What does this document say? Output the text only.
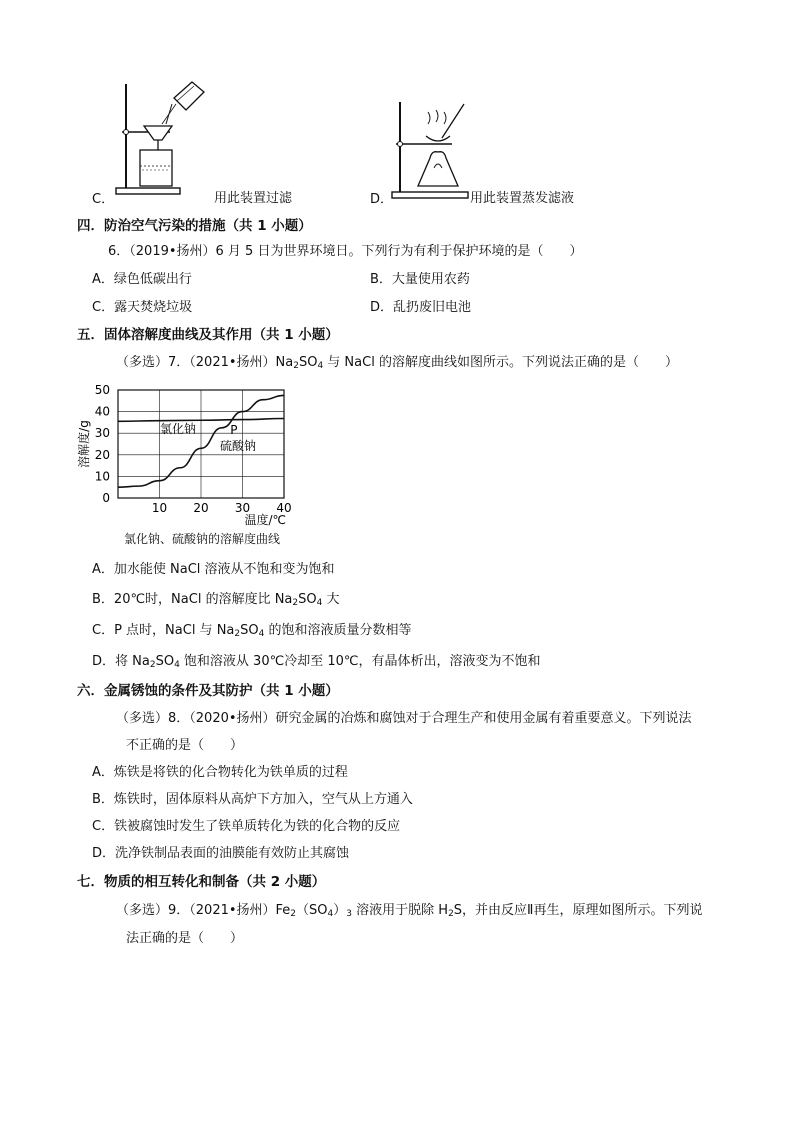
C．	用此装置过滤	D．	用此装置蒸发滤液
四．防治空气污染的措施（共 1 小题）
6．（2019•扬州）6 月 5 日为世界环境日。下列行为有利于保护环境的是（　　）
A．绿色低碳出行	B．大量使用农药
C．露天焚烧垃圾	D．乱扔废旧电池
五．固体溶解度曲线及其作用（共 1 小题）
（多选）7．（2021•扬州）$Na_2SO_4$ 与 NaCl 的溶解度曲线如图所示。下列说法正确的是（　　）
0
10
20
30
40
50
10 20 30 40
溶解度/g
温度/℃
氯化钠
硫酸钠
P
氯化钠、硫酸钠的溶解度曲线
A．加水能使 NaCl 溶液从不饱和变为饱和
B．20℃时，NaCl 的溶解度比 $Na_2SO_4$ 大
C．P 点时，NaCl 与 $Na_2SO_4$ 的饱和溶液质量分数相等
D．将 $Na_2SO_4$ 饱和溶液从 30℃冷却至 10℃，有晶体析出，溶液变为不饱和
六．金属锈蚀的条件及其防护（共 1 小题）
（多选）8．（2020•扬州）研究金属的冶炼和腐蚀对于合理生产和使用金属有着重要意义。下列说法
不正确的是（　　）
A．炼铁是将铁的化合物转化为铁单质的过程
B．炼铁时，固体原料从高炉下方加入，空气从上方通入
C．铁被腐蚀时发生了铁单质转化为铁的化合物的反应
D．洗净铁制品表面的油膜能有效防止其腐蚀
七．物质的相互转化和制备（共 2 小题）
（多选）9．（2021•扬州）$Fe_2(SO_4)_3$ 溶液用于脱除 $H_2S$，并由反应Ⅱ再生，原理如图所示。下列说
法正确的是（　　）
